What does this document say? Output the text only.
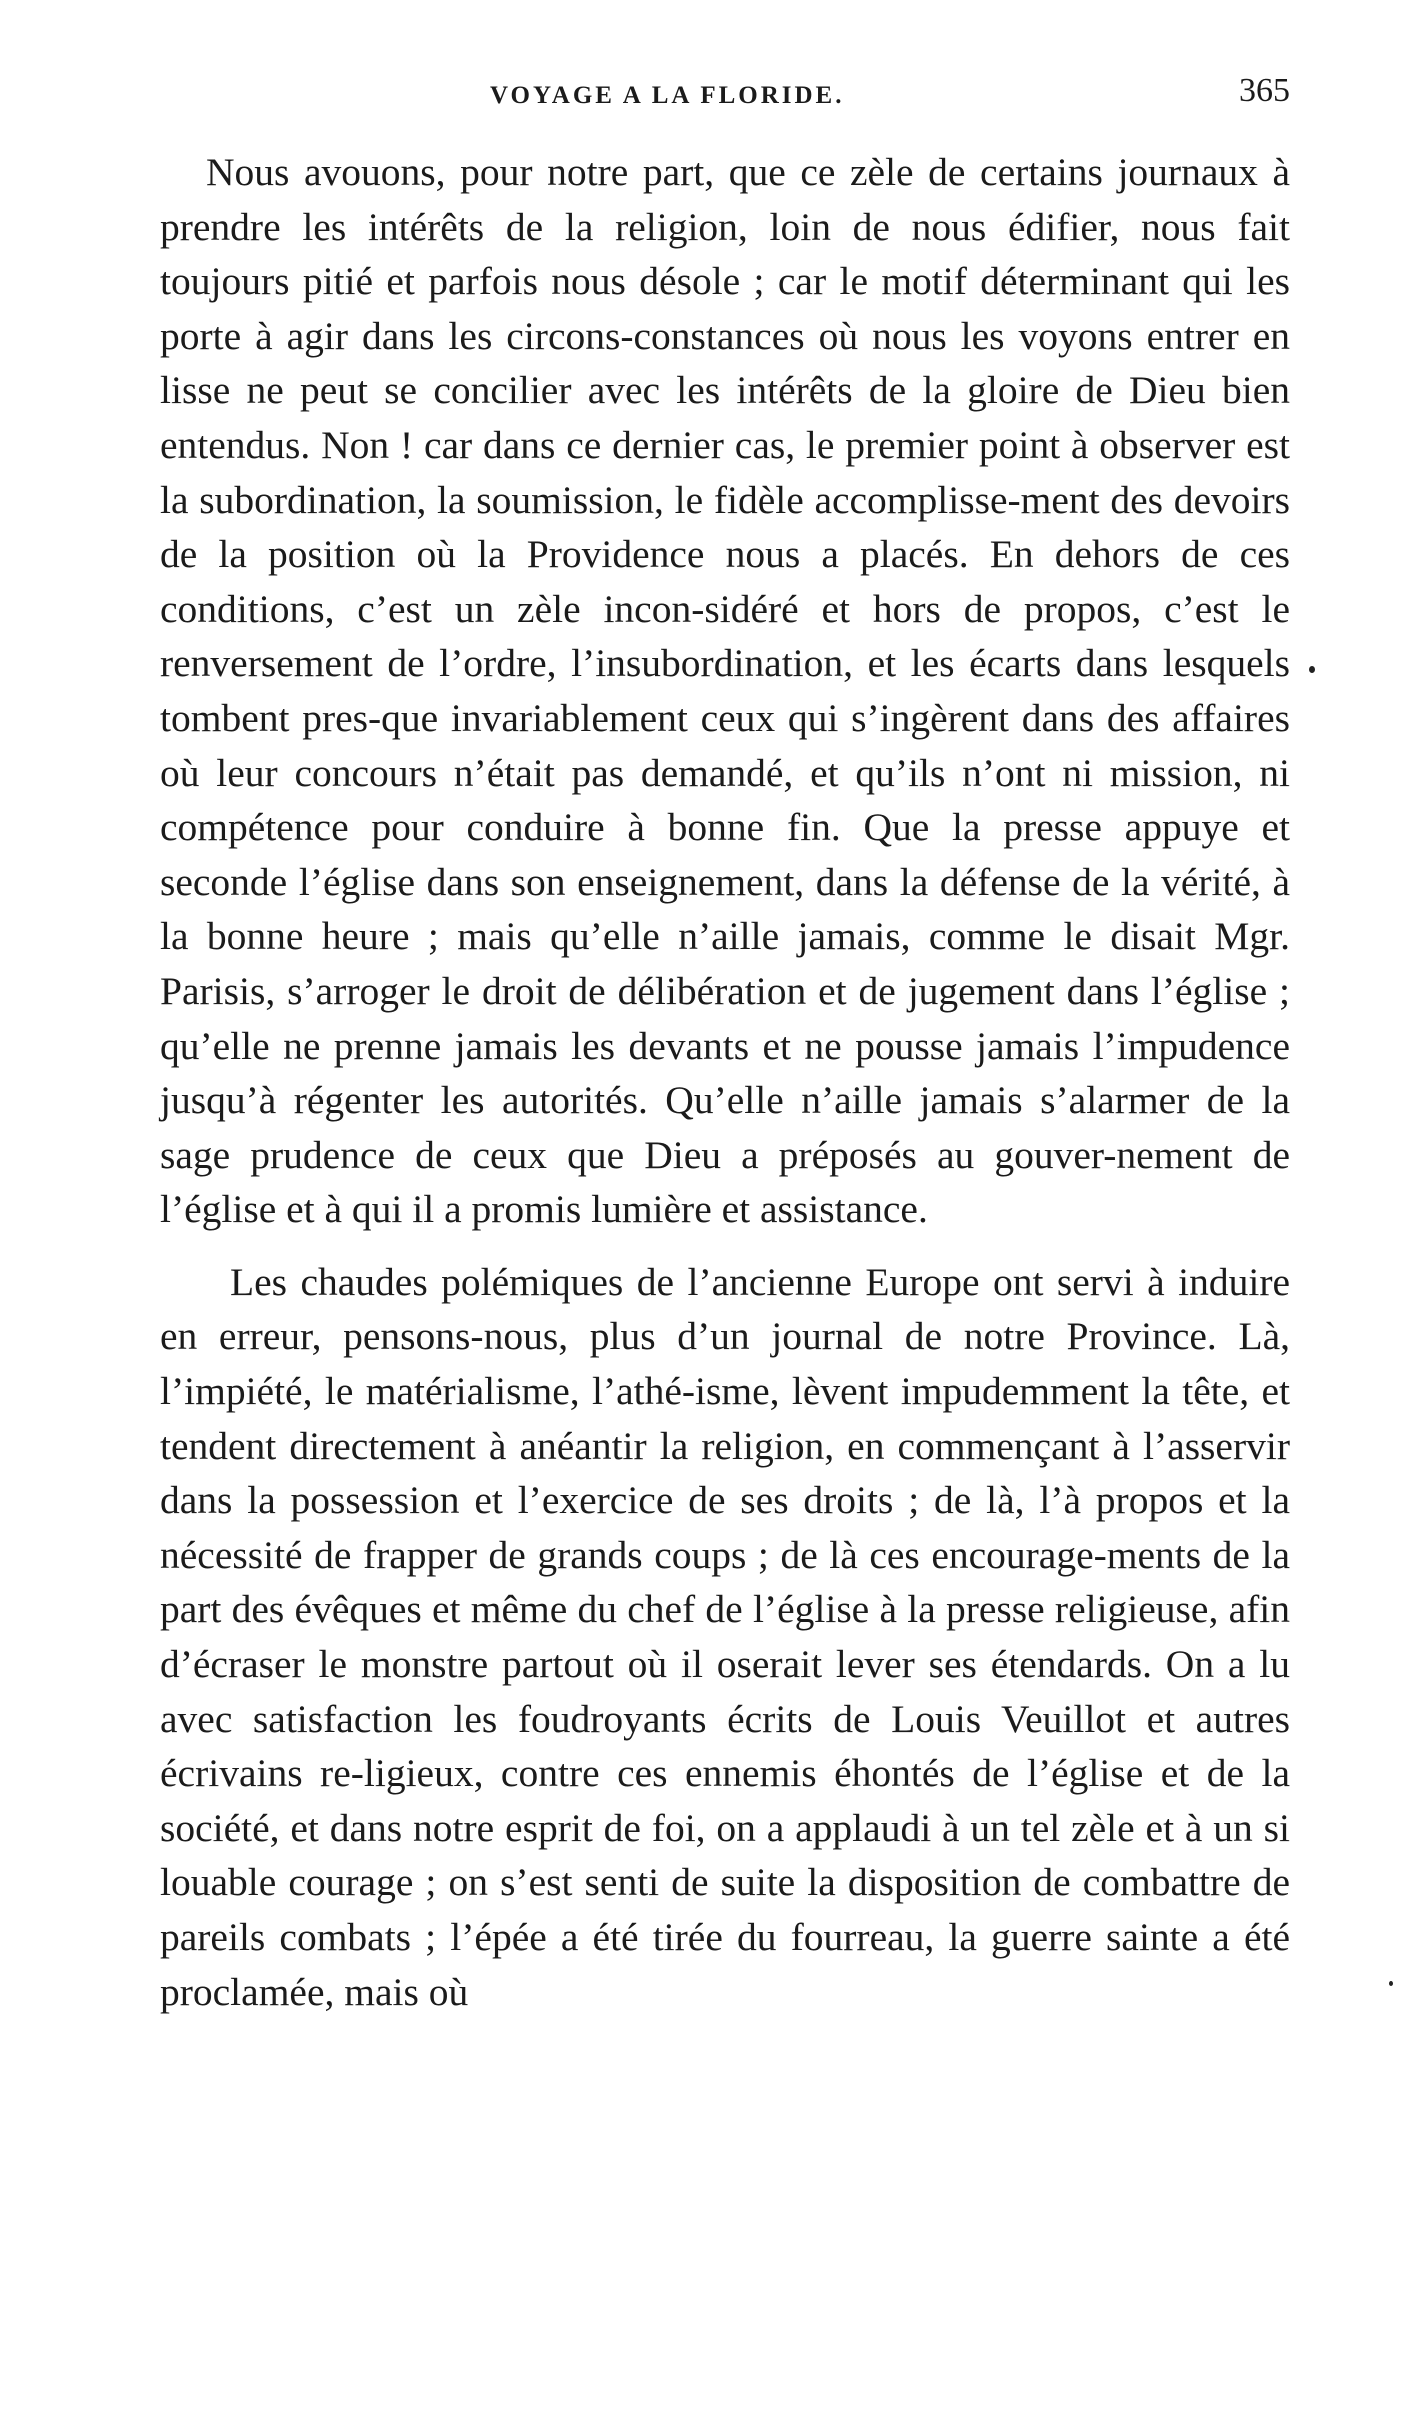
VOYAGE A LA FLORIDE.	365

Nous avouons, pour notre part, que ce zèle de certains journaux à prendre les intérêts de la religion, loin de nous édifier, nous fait toujours pitié et parfois nous désole ; car le motif déterminant qui les porte à agir dans les circons-constances où nous les voyons entrer en lisse ne peut se concilier avec les intérêts de la gloire de Dieu bien entendus. Non ! car dans ce dernier cas, le premier point à observer est la subordination, la soumission, le fidèle accomplisse-ment des devoirs de la position où la Providence nous a placés. En dehors de ces conditions, c’est un zèle incon-sidéré et hors de propos, c’est le renversement de l’ordre, l’insubordination, et les écarts dans lesquels tombent pres-que invariablement ceux qui s’ingèrent dans des affaires où leur concours n’était pas demandé, et qu’ils n’ont ni mission, ni compétence pour conduire à bonne fin. Que la presse appuye et seconde l’église dans son enseignement, dans la défense de la vérité, à la bonne heure ; mais qu’elle n’aille jamais, comme le disait Mgr. Parisis, s’arroger le droit de délibération et de jugement dans l’église ; qu’elle ne prenne jamais les devants et ne pousse jamais l’impudence jusqu’à régenter les autorités. Qu’elle n’aille jamais s’alarmer de la sage prudence de ceux que Dieu a préposés au gouver-nement de l’église et à qui il a promis lumière et assistance.

Les chaudes polémiques de l’ancienne Europe ont servi à induire en erreur, pensons-nous, plus d’un journal de notre Province. Là, l’impiété, le matérialisme, l’athé-isme, lèvent impudemment la tête, et tendent directement à anéantir la religion, en commençant à l’asservir dans la possession et l’exercice de ses droits ; de là, l’à propos et la nécessité de frapper de grands coups ; de là ces encourage-ments de la part des évêques et même du chef de l’église à la presse religieuse, afin d’écraser le monstre partout où il oserait lever ses étendards. On a lu avec satisfaction les foudroyants écrits de Louis Veuillot et autres écrivains re-ligieux, contre ces ennemis éhontés de l’église et de la société, et dans notre esprit de foi, on a applaudi à un tel zèle et à un si louable courage ; on s’est senti de suite la disposition de combattre de pareils combats ; l’épée a été tirée du fourreau, la guerre sainte a été proclamée, mais où
